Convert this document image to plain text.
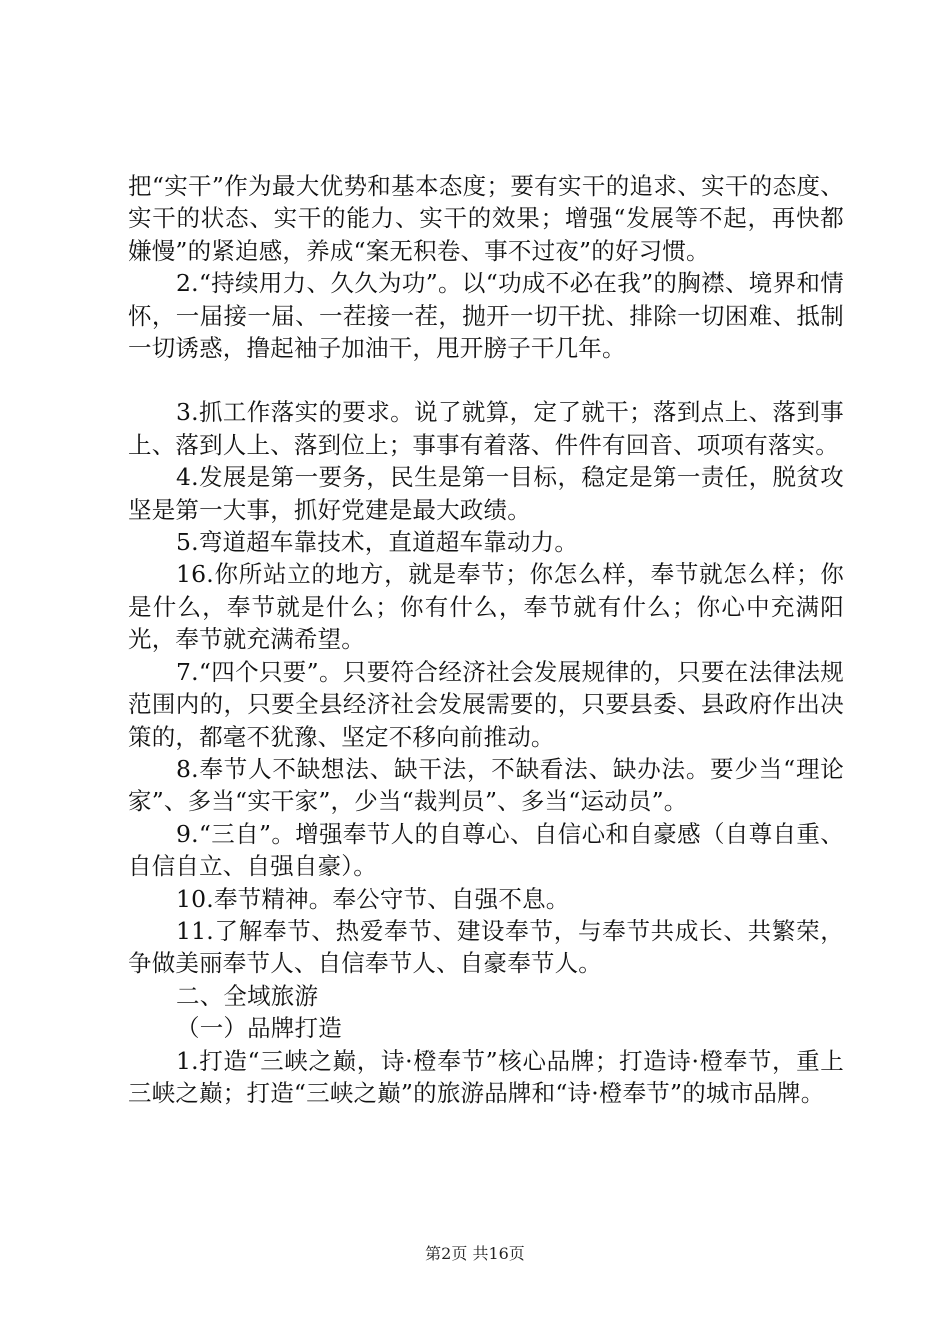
把“实干”作为最大优势和基本态度；要有实干的追求、实干的态度、实干的状态、实干的能力、实干的效果；增强“发展等不起，再快都嫌慢”的紧迫感，养成“案无积卷、事不过夜”的好习惯。

2.“持续用力、久久为功”。以“功成不必在我”的胸襟、境界和情怀，一届接一届、一茬接一茬，抛开一切干扰、排除一切困难、抵制一切诱惑，撸起袖子加油干，甩开膀子干几年。

3.抓工作落实的要求。说了就算，定了就干；落到点上、落到事上、落到人上、落到位上；事事有着落、件件有回音、项项有落实。

4.发展是第一要务，民生是第一目标，稳定是第一责任，脱贫攻坚是第一大事，抓好党建是最大政绩。

5.弯道超车靠技术，直道超车靠动力。

16.你所站立的地方，就是奉节；你怎么样，奉节就怎么样；你是什么，奉节就是什么；你有什么，奉节就有什么；你心中充满阳光，奉节就充满希望。

7.“四个只要”。只要符合经济社会发展规律的，只要在法律法规范围内的，只要全县经济社会发展需要的，只要县委、县政府作出决策的，都毫不犹豫、坚定不移向前推动。

8.奉节人不缺想法、缺干法，不缺看法、缺办法。要少当“理论家”、多当“实干家”，少当“裁判员”、多当“运动员”。

9.“三自”。增强奉节人的自尊心、自信心和自豪感（自尊自重、自信自立、自强自豪）。

10.奉节精神。奉公守节、自强不息。

11.了解奉节、热爱奉节、建设奉节，与奉节共成长、共繁荣，争做美丽奉节人、自信奉节人、自豪奉节人。

二、全域旅游

（一）品牌打造

1.打造“三峡之巅，诗·橙奉节”核心品牌；打造诗·橙奉节，重上三峡之巅；打造“三峡之巅”的旅游品牌和“诗·橙奉节”的城市品牌。

第2页 共16页
